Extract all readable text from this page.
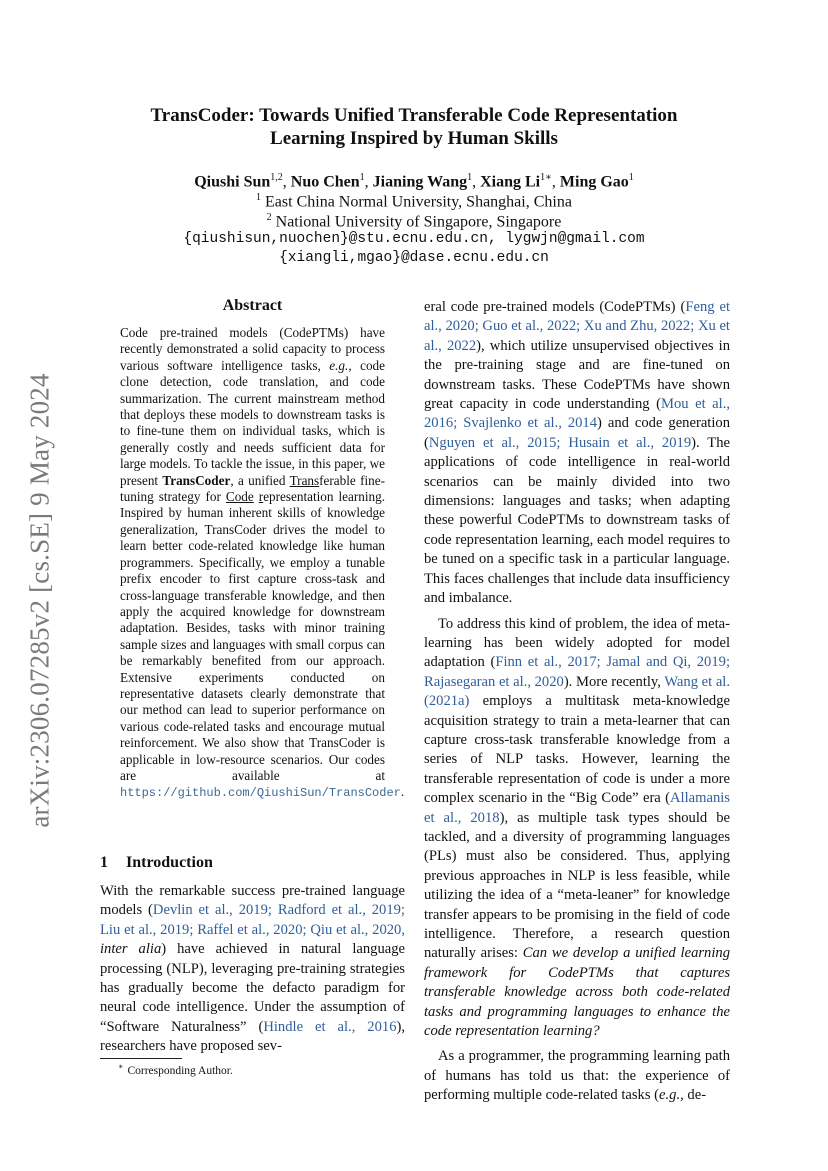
arXiv:2306.07285v2 [cs.SE] 9 May 2024
TransCoder: Towards Unified Transferable Code Representation
Learning Inspired by Human Skills
Qiushi Sun$^{1,2}$, Nuo Chen$^1$, Jianing Wang$^1$, Xiang $Li^{1∗}$, Ming Gao$^1$
$^1$ East China Normal University, Shanghai, China
$^2$ National University of Singapore, Singapore
{qiushisun,nuochen}@stu.ecnu.edu.cn, lygwjn@gmail.com
{xiangli,mgao}@dase.ecnu.edu.cn
Abstract
Code pre-trained models (CodePTMs) have recently demonstrated a solid capacity to process various software intelligence tasks, e.g., code clone detection, code translation, and code summarization. The current mainstream method that deploys these models to downstream tasks is to fine-tune them on individual tasks, which is generally costly and needs sufficient data for large models. To tackle the issue, in this paper, we present TransCoder, a unified Transferable fine-tuning strategy for Code representation learning. Inspired by human inherent skills of knowledge generalization, TransCoder drives the model to learn better code-related knowledge like human programmers. Specifically, we employ a tunable prefix encoder to first capture cross-task and cross-language transferable knowledge, and then apply the acquired knowledge for downstream adaptation. Besides, tasks with minor training sample sizes and languages with small corpus can be remarkably benefited from our approach. Extensive experiments conducted on representative datasets clearly demonstrate that our method can lead to superior performance on various code-related tasks and encourage mutual reinforcement. We also show that TransCoder is applicable in low-resource scenarios. Our codes are available at https://github.com/QiushiSun/TransCoder.
1 Introduction
With the remarkable success pre-trained language models (Devlin et al., 2019; Radford et al., 2019; Liu et al., 2019; Raffel et al., 2020; Qiu et al., 2020, inter alia) have achieved in natural language processing (NLP), leveraging pre-training strategies has gradually become the defacto paradigm for neural code intelligence. Under the assumption of “Software Naturalness” (Hindle et al., 2016), researchers have proposed sev-

eral code pre-trained models (CodePTMs) (Feng et al., 2020; Guo et al., 2022; Xu and Zhu, 2022; Xu et al., 2022), which utilize unsupervised objectives in the pre-training stage and are fine-tuned on downstream tasks. These CodePTMs have shown great capacity in code understanding (Mou et al., 2016; Svajlenko et al., 2014) and code generation (Nguyen et al., 2015; Husain et al., 2019). The applications of code intelligence in real-world scenarios can be mainly divided into two dimensions: languages and tasks; when adapting these powerful CodePTMs to downstream tasks of code representation learning, each model requires to be tuned on a specific task in a particular language. This faces challenges that include data insufficiency and imbalance.

To address this kind of problem, the idea of meta-learning has been widely adopted for model adaptation (Finn et al., 2017; Jamal and Qi, 2019; Rajasegaran et al., 2020). More recently, Wang et al. (2021a) employs a multitask meta-knowledge acquisition strategy to train a meta-learner that can capture cross-task transferable knowledge from a series of NLP tasks. However, learning the transferable representation of code is under a more complex scenario in the “Big Code” era (Allamanis et al., 2018), as multiple task types should be tackled, and a diversity of programming languages (PLs) must also be considered. Thus, applying previous approaches in NLP is less feasible, while utilizing the idea of a “meta-leaner” for knowledge transfer appears to be promising in the field of code intelligence. Therefore, a research question naturally arises: Can we develop a unified learning framework for CodePTMs that captures transferable knowledge across both code-related tasks and programming languages to enhance the code representation learning?

As a programmer, the programming learning path of humans has told us that: the experience of performing multiple code-related tasks (e.g., de-

∗ Corresponding Author.
